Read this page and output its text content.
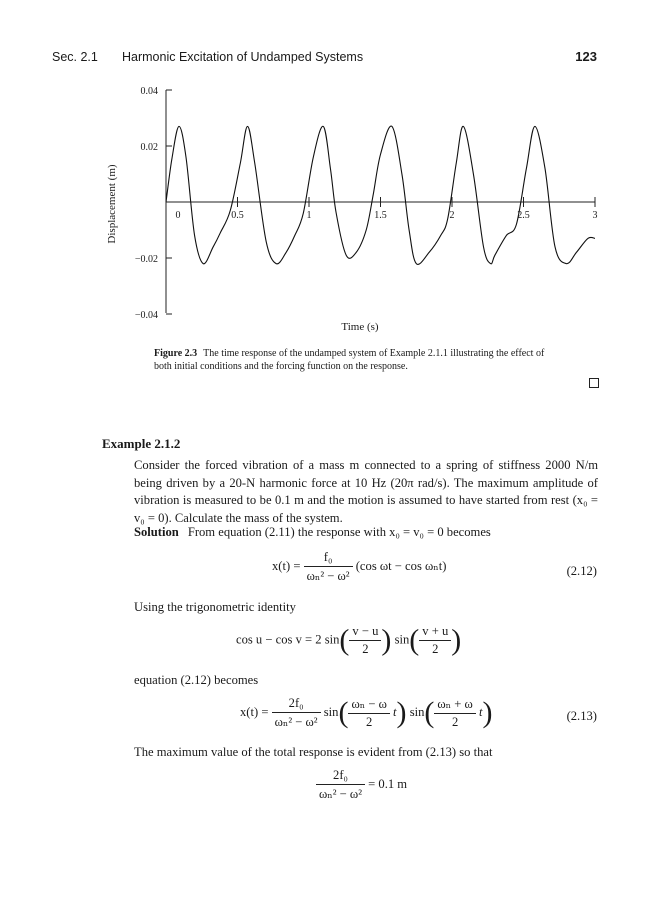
Sec. 2.1 Harmonic Excitation of Undamped Systems	123
0.04
0.02
−0.02
−0.04
0	0.5	1	1.5	2	2.5	3
Time (s)
Displacement (m)
Figure 2.3 The time response of the undamped system of Example 2.1.1 illustrating the effect of both initial conditions and the forcing function on the response.
Example 2.1.2
Consider the forced vibration of a mass m connected to a spring of stiffness 2000 N/m being driven by a 20-N harmonic force at 10 Hz (20π rad/s). The maximum amplitude of vibration is measured to be 0.1 m and the motion is assumed to have started from rest (x₀ = v₀ = 0). Calculate the mass of the system.
Solution From equation (2.11) the response with x₀ = v₀ = 0 becomes
$x(t) = \frac{\text{f₀}}{\text{ωₙ² − ω²}} (\cos$ ωt − cos ωₙt)	(2.12)
Using the trigonometric identity
cos u − cos v = 2 $\sin( \frac{v - u}{2}$ ) $\sin( \frac{v + u}{2}$ )
equation (2.12) becomes
$x(t) = \frac{\text{2f₀}}{\text{ωₙ² − ω²}} \sin( \frac{\text{ωₙ − ω}}{2} t)$ $\sin( \frac{\text{ωₙ + ω}}{2} t)$	(2.13)
The maximum value of the total response is evident from (2.13) so that
$\frac{\text{2f₀}}{\text{ωₙ² − ω²}} = 0.1$ m
